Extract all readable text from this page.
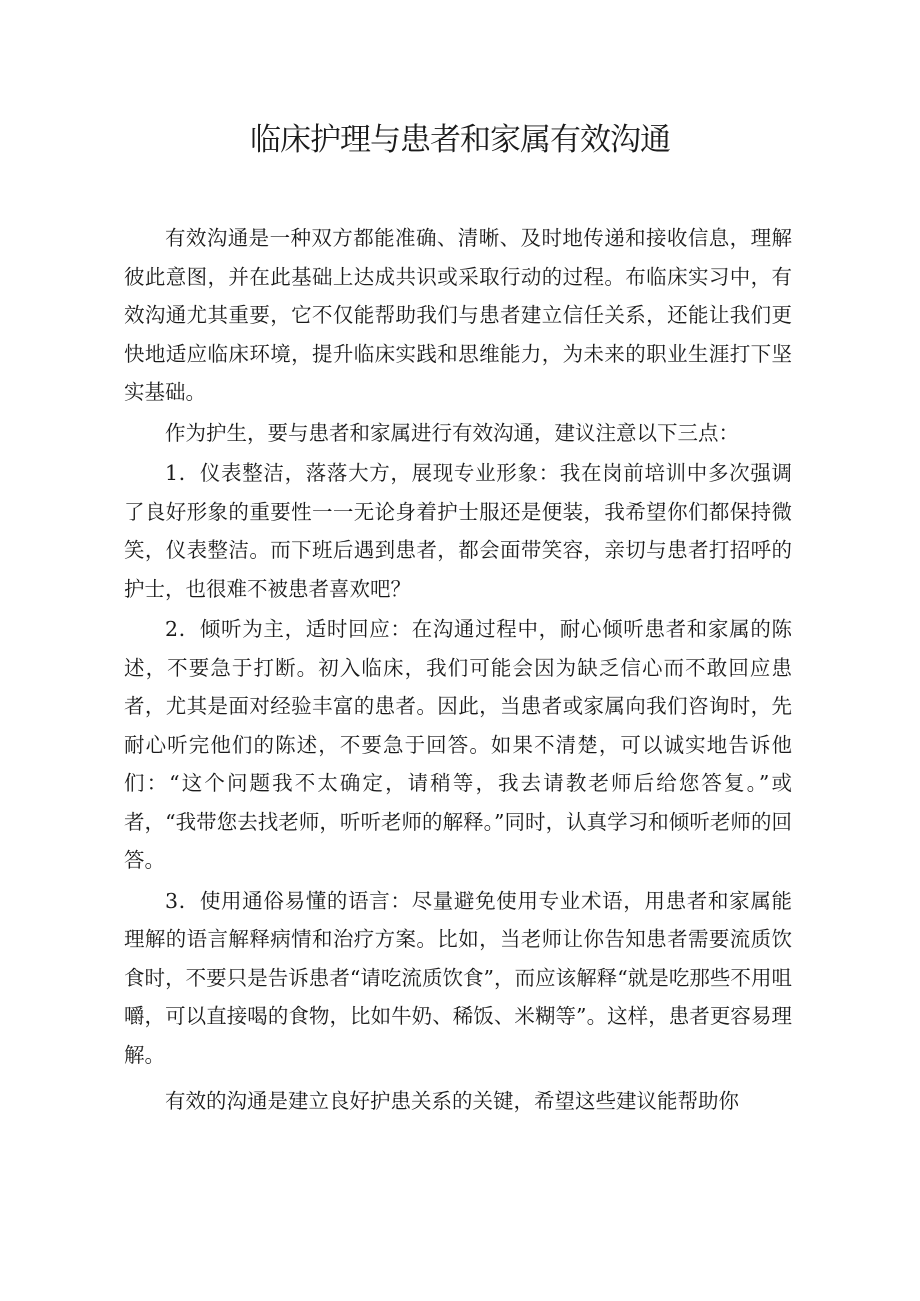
临床护理与患者和家属有效沟通

有效沟通是一种双方都能准确、清晰、及时地传递和接收信息，理解彼此意图，并在此基础上达成共识或采取行动的过程。布临床实习中，有效沟通尤其重要，它不仅能帮助我们与患者建立信任关系，还能让我们更快地适应临床环境，提升临床实践和思维能力，为未来的职业生涯打下坚实基础。

作为护生，要与患者和家属进行有效沟通，建议注意以下三点：

1．仪表整洁，落落大方，展现专业形象：我在岗前培训中多次强调了良好形象的重要性一一无论身着护士服还是便装，我希望你们都保持微笑，仪表整洁。而下班后遇到患者，都会面带笑容，亲切与患者打招呼的护士，也很难不被患者喜欢吧？

2．倾听为主，适时回应：在沟通过程中，耐心倾听患者和家属的陈述，不要急于打断。初入临床，我们可能会因为缺乏信心而不敢回应患者，尤其是面对经验丰富的患者。因此，当患者或家属向我们咨询时，先耐心听完他们的陈述，不要急于回答。如果不清楚，可以诚实地告诉他们：“这个问题我不太确定，请稍等，我去请教老师后给您答复。”或者，“我带您去找老师，听听老师的解释。”同时，认真学习和倾听老师的回答。

3．使用通俗易懂的语言：尽量避免使用专业术语，用患者和家属能理解的语言解释病情和治疗方案。比如，当老师让你告知患者需要流质饮食时，不要只是告诉患者“请吃流质饮食”，而应该解释“就是吃那些不用咀嚼，可以直接喝的食物，比如牛奶、稀饭、米糊等”。这样，患者更容易理解。

有效的沟通是建立良好护患关系的关键，希望这些建议能帮助你
